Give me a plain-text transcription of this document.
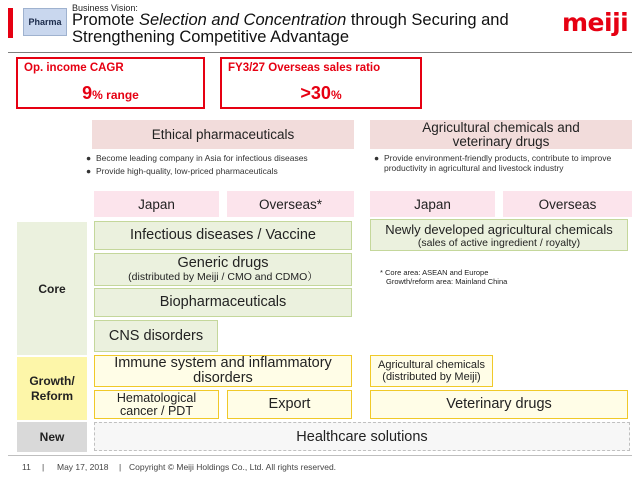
Pharma
Business Vision:
Promote Selection and Concentration through Securing and Strengthening Competitive Advantage	meiji
Op. income CAGR
9% range
FY3/27 Overseas sales ratio
>30%
Ethical pharmaceuticals	Agricultural chemicals and
veterinary drugs
● Become leading company in Asia for infectious diseases
● Provide high-quality, low-priced pharmaceuticals
● Provide environment-friendly products, contribute to improve productivity in agricultural and livestock industry
Japan	Overseas*	Japan	Overseas
Core
Growth/
Reform
New
Infectious diseases / Vaccine
Generic drugs
(distributed by Meiji / CMO and CDMO）
Biopharmaceuticals
CNS disorders
Newly developed agricultural chemicals
(sales of active ingredient / royalty)
* Core area: ASEAN and Europe
Growth/reform area: Mainland China
Immune system and inflammatory
disorders
Hematological
cancer / PDT	Export
Agricultural chemicals
(distributed by Meiji)
Veterinary drugs
Healthcare solutions
11 | May 17, 2018 | Copyright © Meiji Holdings Co., Ltd. All rights reserved.
